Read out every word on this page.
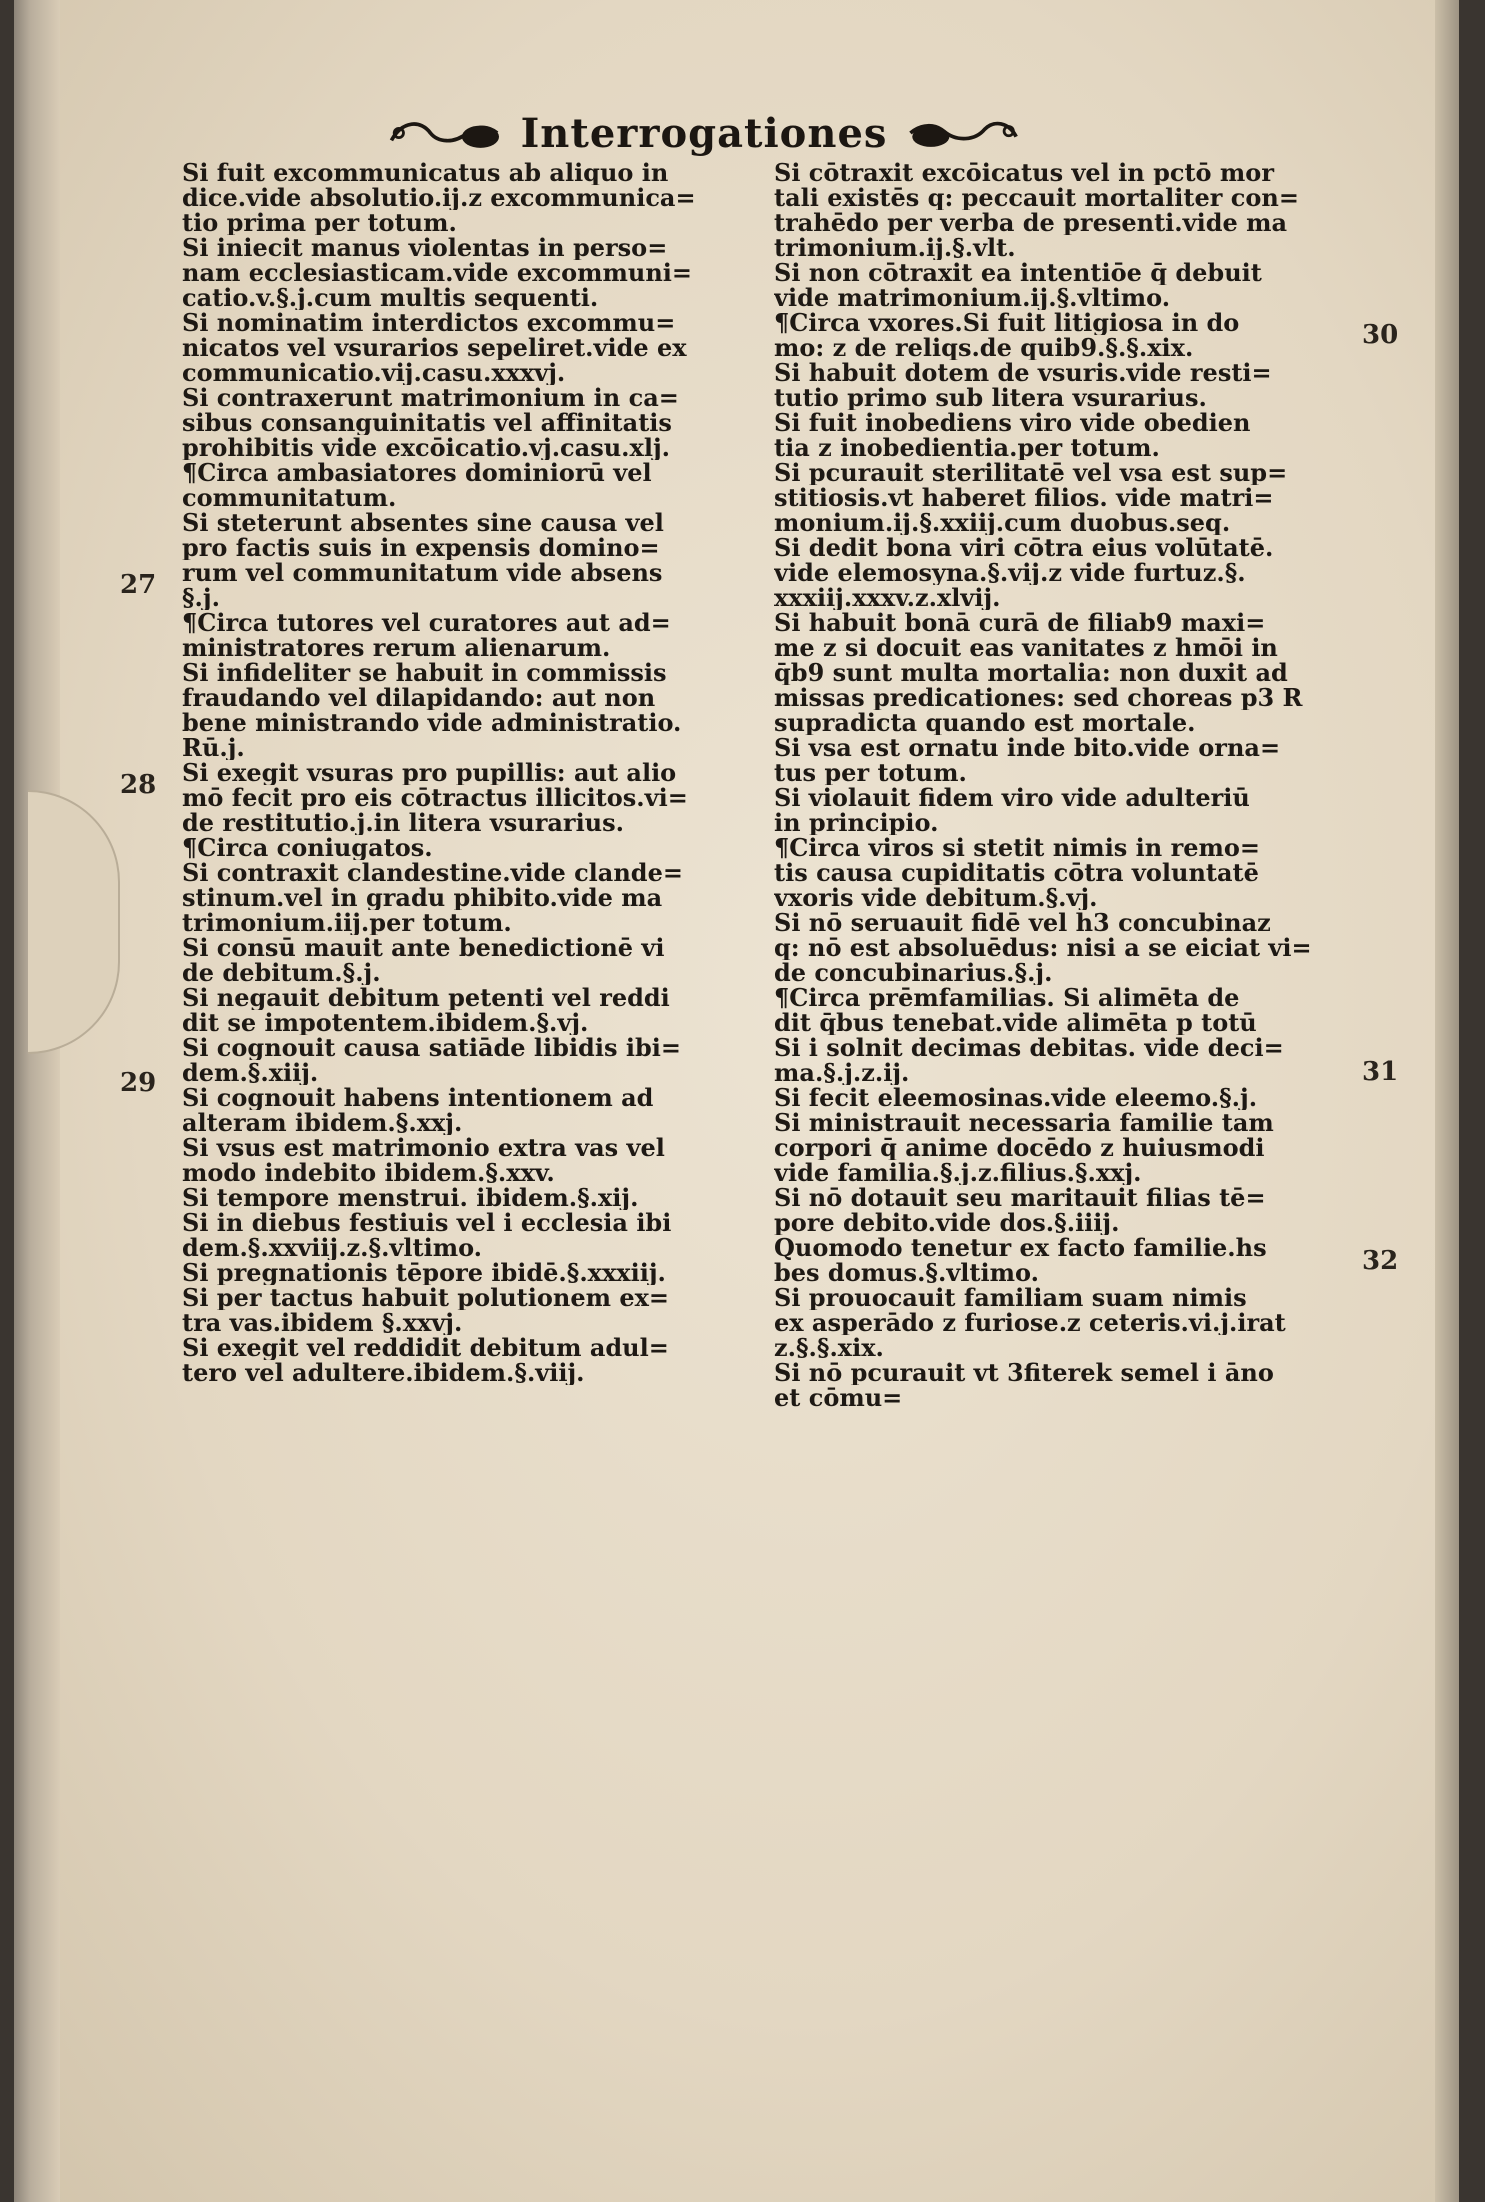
Interrogationes
Si fuit excommunicatus ab aliquo in
dice.vide absolutio.ij.z excommunica=
tio prima per totum.
Si iniecit manus violentas in perso=
nam ecclesiasticam.vide excommuni=
catio.v.§.j.cum multis sequenti.
Si nominatim interdictos excommu=
nicatos vel vsurarios sepeliret.vide ex
communicatio.vij.casu.xxxvj.
Si contraxerunt matrimonium in ca=
sibus consanguinitatis vel affinitatis
prohibitis vide excōicatio.vj.casu.xlj.
¶Circa ambasiatores dominiorū vel
communitatum.
Si steterunt absentes sine causa vel
pro factis suis in expensis domino=
rum vel communitatum vide absens
§.j.
¶Circa tutores vel curatores aut ad=
ministratores rerum alienarum.
Si infideliter se habuit in commissis
fraudando vel dilapidando: aut non
bene ministrando vide administratio.
Rū.j.
Si exegit vsuras pro pupillis: aut alio
mō fecit pro eis cōtractus illicitos.vi=
de restitutio.j.in litera vsurarius.
¶Circa coniugatos.
Si contraxit clandestine.vide clande=
stinum.vel in gradu phibito.vide ma
trimonium.iij.per totum.
Si consū mauit ante benedictionē vi
de debitum.§.j.
Si negauit debitum petenti vel reddi
dit se impotentem.ibidem.§.vj.
Si cognouit causa satiāde libidis ibi=
dem.§.xiij.
Si cognouit habens intentionem ad
alteram ibidem.§.xxj.
Si vsus est matrimonio extra vas vel
modo indebito ibidem.§.xxv.
Si tempore menstrui. ibidem.§.xij.
Si in diebus festiuis vel i ecclesia ibi
dem.§.xxviij.z.§.vltimo.
Si pregnationis tēpore ibidē.§.xxxiij.
Si per tactus habuit polutionem ex=
tra vas.ibidem §.xxvj.
Si exegit vel reddidit debitum adul=
tero vel adultere.ibidem.§.viij.
Si cōtraxit excōicatus vel in pctō mor
tali existēs q: peccauit mortaliter con=
trahēdo per verba de presenti.vide ma
trimonium.ij.§.vlt.
Si non cōtraxit ea intentiōe q̄ debuit
vide matrimonium.ij.§.vltimo.
¶Circa vxores.Si fuit litigiosa in do
mo: z de reliqs.de quib9.§.§.xix.
Si habuit dotem de vsuris.vide resti=
tutio primo sub litera vsurarius.
Si fuit inobediens viro vide obedien
tia z inobedientia.per totum.
Si pcurauit sterilitatē vel vsa est sup=
stitiosis.vt haberet filios. vide matri=
monium.ij.§.xxiij.cum duobus.seq.
Si dedit bona viri cōtra eius volūtatē.
vide elemosyna.§.vij.z vide furtuz.§.
xxxiij.xxxv.z.xlvij.
Si habuit bonā curā de filiab9 maxi=
me z si docuit eas vanitates z hmōi in
q̄b9 sunt multa mortalia: non duxit ad
missas predicationes: sed choreas p3 R
supradicta quando est mortale.
Si vsa est ornatu inde bito.vide orna=
tus per totum.
Si violauit fidem viro vide adulteriū
in principio.
¶Circa viros si stetit nimis in remo=
tis causa cupiditatis cōtra voluntatē
vxoris vide debitum.§.vj.
Si nō seruauit fidē vel h3 concubinaz
q: nō est absoluēdus: nisi a se eiciat vi=
de concubinarius.§.j.
¶Circa prēmfamilias. Si alimēta de
dit q̄bus tenebat.vide alimēta p totū
Si i solnit decimas debitas. vide deci=
ma.§.j.z.ij.
Si fecit eleemosinas.vide eleemo.§.j.
Si ministrauit necessaria familie tam
corpori q̄ anime docēdo z huiusmodi
vide familia.§.j.z.filius.§.xxj.
Si nō dotauit seu maritauit filias tē=
pore debito.vide dos.§.iiij.
Quomodo tenetur ex facto familie.hs
bes domus.§.vltimo.
Si prouocauit familiam suam nimis
ex asperādo z furiose.z ceteris.vi.j.irat
z.§.§.xix.
Si nō pcurauit vt 3fiterek semel i āno
et cōmu=
27
28
29
30
31
32
